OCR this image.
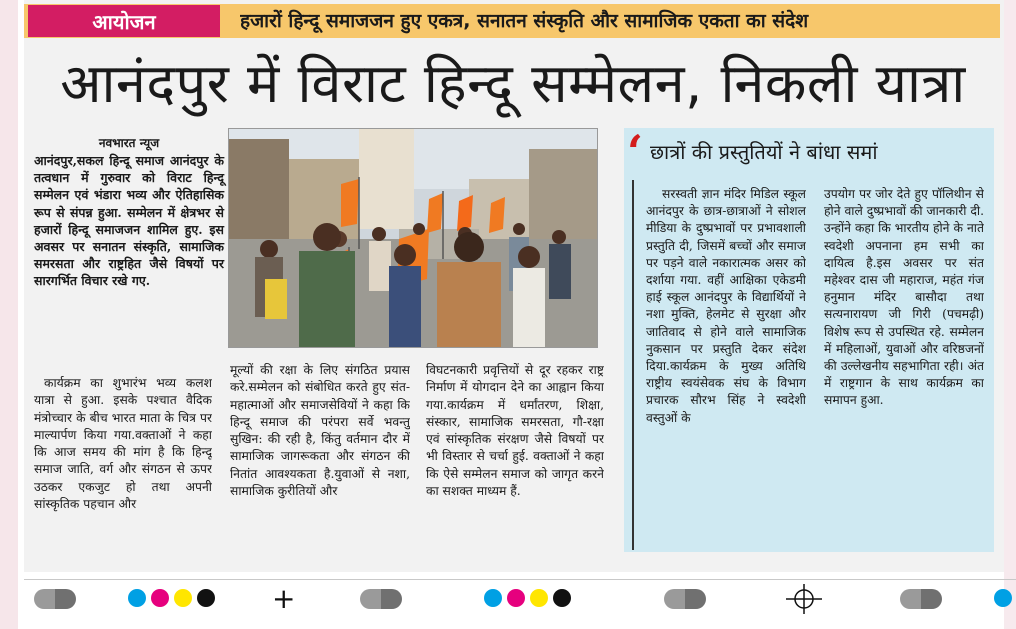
आयोजन	हजारों हिन्दू समाजजन हुए एकत्र, सनातन संस्कृति और सामाजिक एकता का संदेश
आनंदपुर में विराट हिन्दू सम्मेलन, निकली यात्रा
नवभारत न्यूज
आनंदपुर,सकल हिन्दू समाज आनंदपुर के तत्वधान में गुरुवार को विराट हिन्दू सम्मेलन एवं भंडारा भव्य और ऐतिहासिक रूप से संपन्न हुआ. सम्मेलन में क्षेत्रभर से हजारों हिन्दू समाजजन शामिल हुए. इस अवसर पर सनातन संस्कृति, सामाजिक समरसता और राष्ट्रहित जैसे विषयों पर सारगर्भित विचार रखे गए.
कार्यक्रम का शुभारंभ भव्य कलश यात्रा से हुआ. इसके पश्चात वैदिक मंत्रोच्चार के बीच भारत माता के चित्र पर माल्यार्पण किया गया.वक्ताओं ने कहा कि आज समय की मांग है कि हिन्दू समाज जाति, वर्ग और संगठन से ऊपर उठकर एकजुट हो तथा अपनी सांस्कृतिक पहचान और
मूल्यों की रक्षा के लिए संगठित प्रयास करे.सम्मेलन को संबोधित करते हुए संत-महात्माओं और समाजसेवियों ने कहा कि हिन्दू समाज की परंपरा सर्वे भवन्तु सुखिन: की रही है, किंतु वर्तमान दौर में सामाजिक जागरूकता और संगठन की नितांत आवश्यकता है.युवाओं से नशा, सामाजिक कुरीतियों और
विघटनकारी प्रवृत्तियों से दूर रहकर राष्ट्र निर्माण में योगदान देने का आह्वान किया गया.कार्यक्रम में धर्मांतरण, शिक्षा, संस्कार, सामाजिक समरसता, गौ-रक्षा एवं सांस्कृतिक संरक्षण जैसे विषयों पर भी विस्तार से चर्चा हुई. वक्ताओं ने कहा कि ऐसे सम्मेलन समाज को जागृत करने का सशक्त माध्यम हैं.
‘ छात्रों की प्रस्तुतियों ने बांधा समां
सरस्वती ज्ञान मंदिर मिडिल स्कूल आनंदपुर के छात्र-छात्राओं ने सोशल मीडिया के दुष्प्रभावों पर प्रभावशाली प्रस्तुति दी, जिसमें बच्चों और समाज पर पड़ने वाले नकारात्मक असर को दर्शाया गया. वहीं आक्षिका एकेडमी हाई स्कूल आनंदपुर के विद्यार्थियों ने नशा मुक्ति, हेलमेट से सुरक्षा और जातिवाद से होने वाले सामाजिक नुकसान पर प्रस्तुति देकर संदेश दिया.कार्यक्रम के मुख्य अतिथि राष्ट्रीय स्वयंसेवक संघ के विभाग प्रचारक सौरभ सिंह ने स्वदेशी वस्तुओं के
उपयोग पर जोर देते हुए पॉलिथीन से होने वाले दुष्प्रभावों की जानकारी दी. उन्होंने कहा कि भारतीय होने के नाते स्वदेशी अपनाना हम सभी का दायित्व है.इस अवसर पर संत महेश्वर दास जी महाराज, महंत गंज हनुमान मंदिर बासौदा तथा सत्यनारायण जी गिरी (पचमढ़ी) विशेष रूप से उपस्थित रहे. सम्मेलन में महिलाओं, युवाओं और वरिष्ठजनों की उल्लेखनीय सहभागिता रही। अंत में राष्ट्रगान के साथ कार्यक्रम का समापन हुआ.
+
